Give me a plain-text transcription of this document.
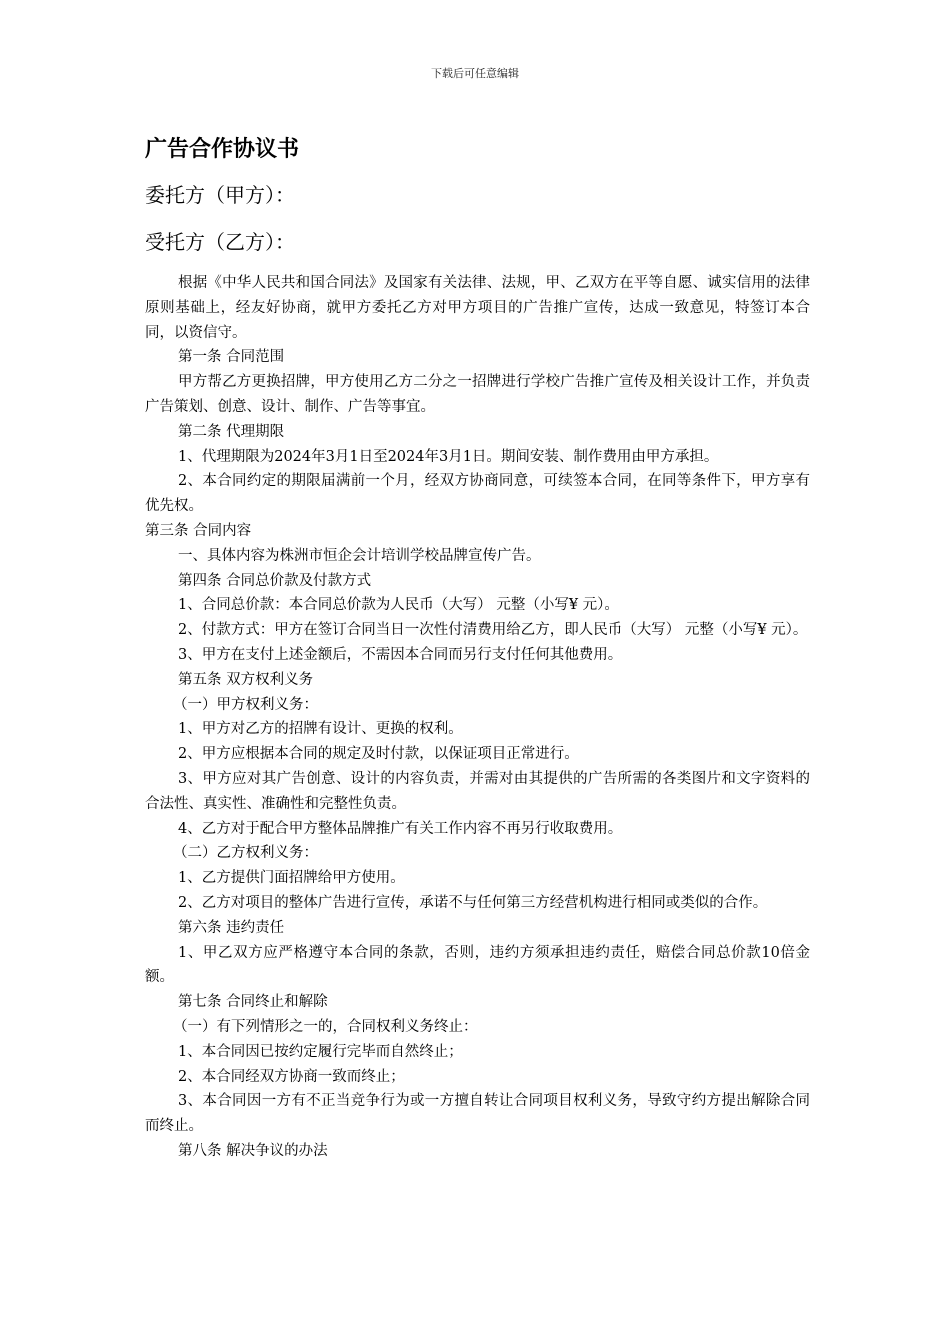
下载后可任意编辑
广告合作协议书
委托方（甲方）：
受托方（乙方）：

根据《中华人民共和国合同法》及国家有关法律、法规，甲、乙双方在平等自愿、诚实信用的法律原则基础上，经友好协商，就甲方委托乙方对甲方项目的广告推广宣传，达成一致意见，特签订本合同，以资信守。

第一条 合同范围

甲方帮乙方更换招牌，甲方使用乙方二分之一招牌进行学校广告推广宣传及相关设计工作，并负责广告策划、创意、设计、制作、广告等事宜。

第二条 代理期限

1、代理期限为2024年3月1日至2024年3月1日。期间安装、制作费用由甲方承担。

2、本合同约定的期限届满前一个月，经双方协商同意，可续签本合同，在同等条件下，甲方享有优先权。

第三条 合同内容

一、具体内容为株洲市恒企会计培训学校品牌宣传广告。

第四条 合同总价款及付款方式

1、合同总价款：本合同总价款为人民币（大写） 元整（小写¥ 元）。

2、付款方式：甲方在签订合同当日一次性付清费用给乙方，即人民币（大写） 元整（小写¥ 元）。

3、甲方在支付上述金额后，不需因本合同而另行支付任何其他费用。

第五条 双方权利义务

（一）甲方权利义务：

1、甲方对乙方的招牌有设计、更换的权利。

2、甲方应根据本合同的规定及时付款，以保证项目正常进行。

3、甲方应对其广告创意、设计的内容负责，并需对由其提供的广告所需的各类图片和文字资料的合法性、真实性、准确性和完整性负责。

4、乙方对于配合甲方整体品牌推广有关工作内容不再另行收取费用。

（二）乙方权利义务：

1、乙方提供门面招牌给甲方使用。

2、乙方对项目的整体广告进行宣传，承诺不与任何第三方经营机构进行相同或类似的合作。

第六条 违约责任

1、甲乙双方应严格遵守本合同的条款，否则，违约方须承担违约责任，赔偿合同总价款10倍金额。

第七条 合同终止和解除

（一）有下列情形之一的，合同权利义务终止：

1、本合同因已按约定履行完毕而自然终止；

2、本合同经双方协商一致而终止；

3、本合同因一方有不正当竞争行为或一方擅自转让合同项目权利义务，导致守约方提出解除合同而终止。

第八条 解决争议的办法
